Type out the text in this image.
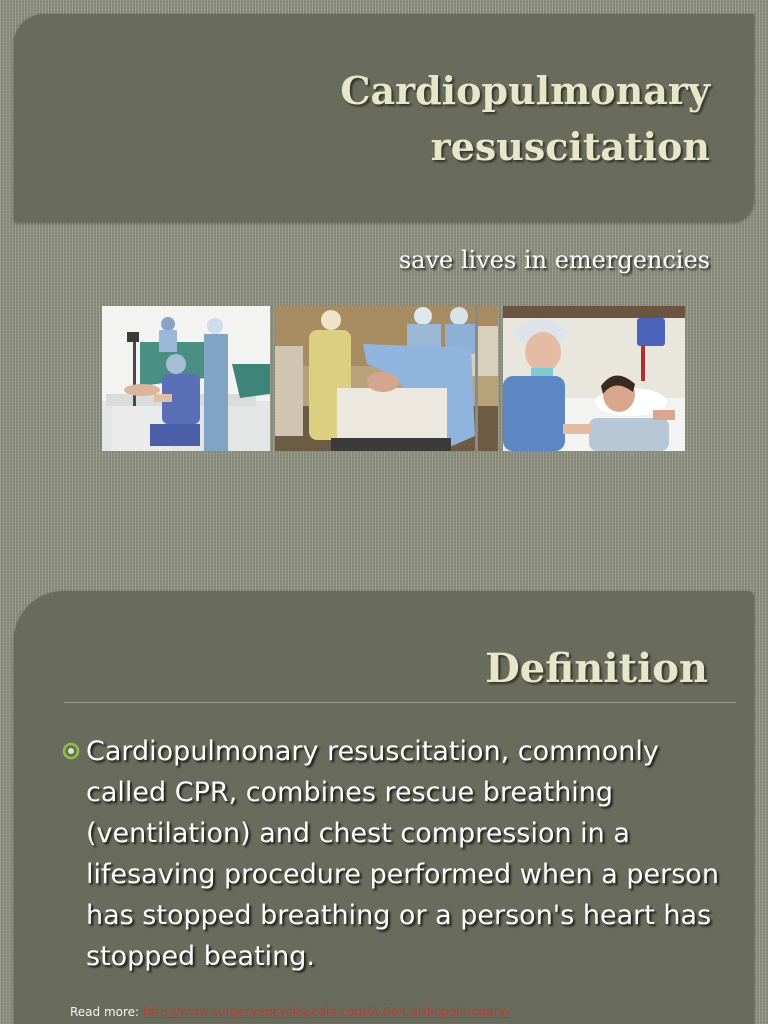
Cardiopulmonary
resuscitation

save lives in emergencies

Definition

Cardiopulmonary resuscitation, commonly called CPR, combines rescue breathing (ventilation) and chest compression in a lifesaving procedure performed when a person has stopped breathing or a person's heart has stopped beating.

Read more: http://www.surgeryencyclopedia.com/A-Ce/Cardiopulmonary-
